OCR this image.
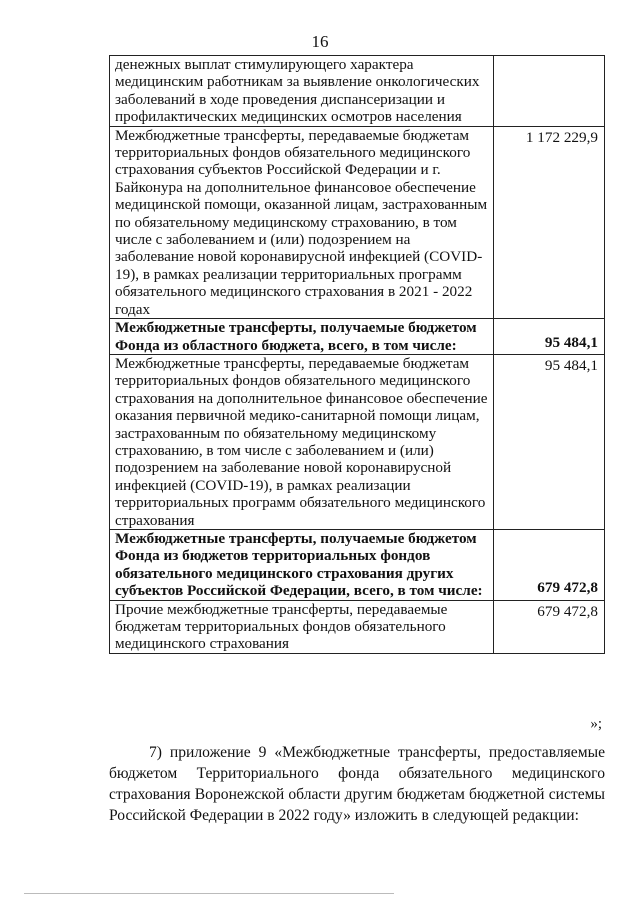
16
денежных выплат стимулирующего характера медицинским работникам за выявление онкологических заболеваний в ходе проведения диспансеризации и профилактических медицинских осмотров населения	
Межбюджетные трансферты, передаваемые бюджетам территориальных фондов обязательного медицинского страхования субъектов Российской Федерации и г. Байконура на дополнительное финансовое обеспечение медицинской помощи, оказанной лицам, застрахованным по обязательному медицинскому страхованию, в том числе с заболеванием и (или) подозрением на заболевание новой коронавирусной инфекцией (COVID-19), в рамках реализации территориальных программ обязательного медицинского страхования в 2021 - 2022 годах	1 172 229,9
Межбюджетные трансферты, получаемые бюджетом Фонда из областного бюджета, всего, в том числе:	95 484,1
Межбюджетные трансферты, передаваемые бюджетам территориальных фондов обязательного медицинского страхования на дополнительное финансовое обеспечение оказания первичной медико-санитарной помощи лицам, застрахованным по обязательному медицинскому страхованию, в том числе с заболеванием и (или) подозрением на заболевание новой коронавирусной инфекцией (COVID-19), в рамках реализации территориальных программ обязательного медицинского страхования	95 484,1
Межбюджетные трансферты, получаемые бюджетом Фонда из бюджетов территориальных фондов обязательного медицинского страхования других субъектов Российской Федерации, всего, в том числе:	679 472,8
Прочие межбюджетные трансферты, передаваемые бюджетам территориальных фондов обязательного медицинского страхования	679 472,8
»;

7) приложение 9 «Межбюджетные трансферты, предоставляемые бюджетом Территориального фонда обязательного медицинского страхования Воронежской области другим бюджетам бюджетной системы Российской Федерации в 2022 году» изложить в следующей редакции:
